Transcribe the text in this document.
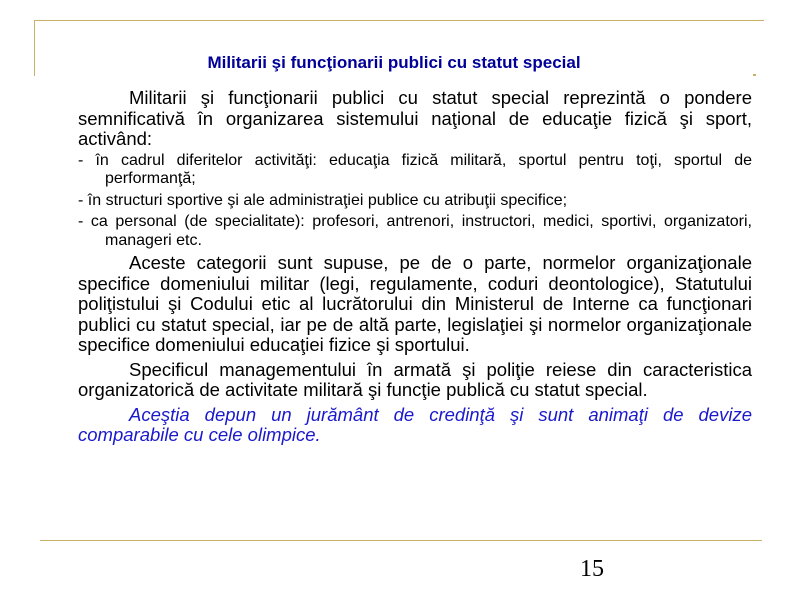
Militarii şi funcţionarii publici cu statut special

Militarii şi funcţionarii publici cu statut special reprezintă o pondere semnificativă în organizarea sistemului naţional de educaţie fizică şi sport, activând:

- în cadrul diferitelor activităţi: educaţia fizică militară, sportul pentru toţi, sportul de performanţă;

- în structuri sportive şi ale administraţiei publice cu atribuţii specifice;

- ca personal (de specialitate): profesori, antrenori, instructori, medici, sportivi, organizatori, manageri etc.

Aceste categorii sunt supuse, pe de o parte, normelor organizaţionale specifice domeniului militar (legi, regulamente, coduri deontologice), Statutului poliţistului şi Codului etic al lucrătorului din Ministerul de Interne ca funcţionari publici cu statut special, iar pe de altă parte, legislaţiei şi normelor organizaţionale specifice domeniului educaţiei fizice şi sportului.

Specificul managementului în armată şi poliţie reiese din caracteristica organizatorică de activitate militară şi funcţie publică cu statut special.

Aceştia depun un jurământ de credinţă şi sunt animaţi de devize comparabile cu cele olimpice.

15
